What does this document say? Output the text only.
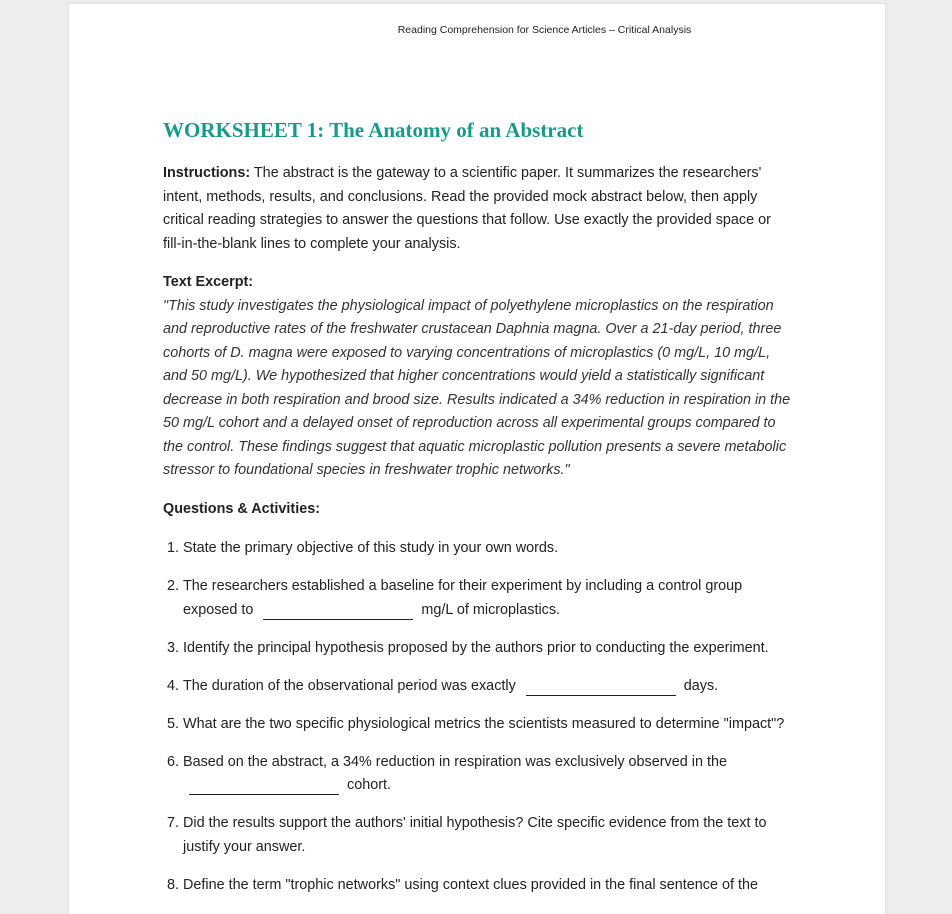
Reading Comprehension for Science Articles – Critical Analysis
WORKSHEET 1: The Anatomy of an Abstract

Instructions: The abstract is the gateway to a scientific paper. It summarizes the researchers' intent, methods, results, and conclusions. Read the provided mock abstract below, then apply critical reading strategies to answer the questions that follow. Use exactly the provided space or fill-in-the-blank lines to complete your analysis.

Text Excerpt:
"This study investigates the physiological impact of polyethylene microplastics on the respiration and reproductive rates of the freshwater crustacean Daphnia magna. Over a 21-day period, three cohorts of D. magna were exposed to varying concentrations of microplastics (0 mg/L, 10 mg/L, and 50 mg/L). We hypothesized that higher concentrations would yield a statistically significant decrease in both respiration and brood size. Results indicated a 34% reduction in respiration in the 50 mg/L cohort and a delayed onset of reproduction across all experimental groups compared to the control. These findings suggest that aquatic microplastic pollution presents a severe metabolic stressor to foundational species in freshwater trophic networks."
Questions & Activities:
1. State the primary objective of this study in your own words.
2. The researchers established a baseline for their experiment by including a control group exposed to	mg/L of microplastics.
3. Identify the principal hypothesis proposed by the authors prior to conducting the experiment.
4. The duration of the observational period was exactly	days.
5. What are the two specific physiological metrics the scientists measured to determine "impact"?
6. Based on the abstract, a 34% reduction in respiration was exclusively observed in the
cohort.
7. Did the results support the authors' initial hypothesis? Cite specific evidence from the text to justify your answer.
8. Define the term "trophic networks" using context clues provided in the final sentence of the
